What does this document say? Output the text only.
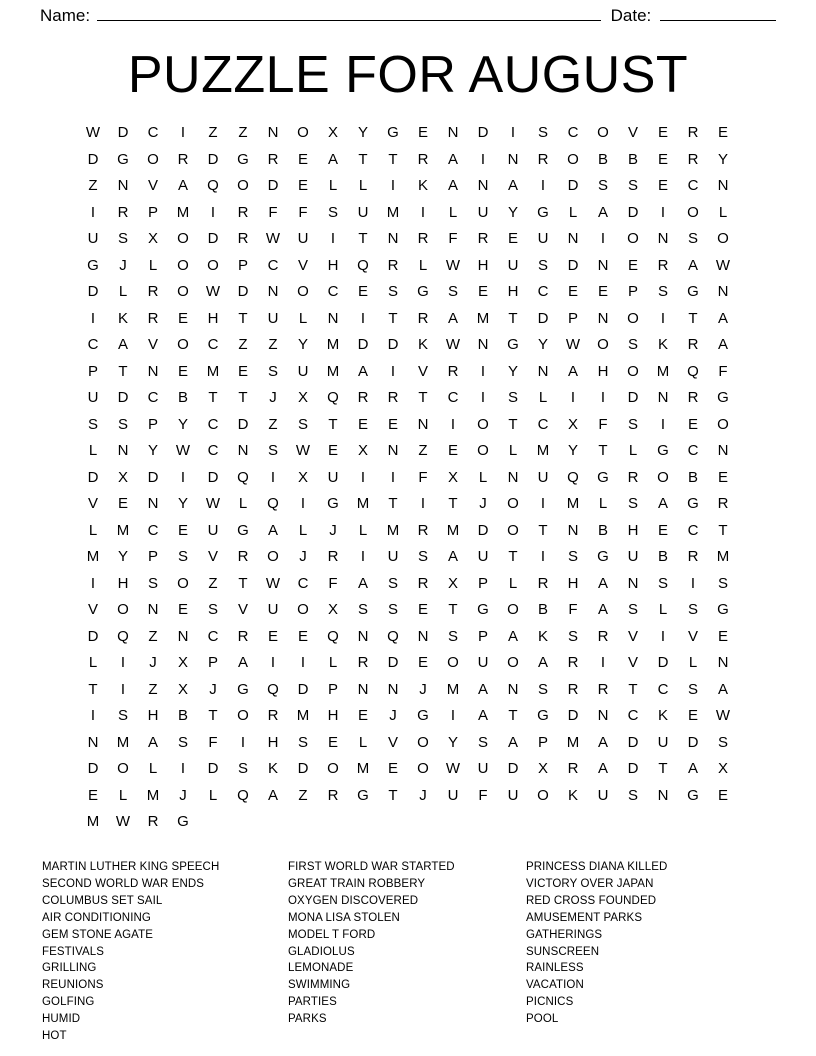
Name:	Date:
PUZZLE FOR AUGUST
W	D	C	I	Z	Z	N	O	X	Y	G	E	N	D	I	S	C	O	V	E	R	E
D	G	O	R	D	G	R	E	A	T	T	R	A	I	N	R	O	B	B	E	R	Y
Z	N	V	A	Q	O	D	E	L	L	I	K	A	N	A	I	D	S	S	E	C	N
I	R	P	M	I	R	F	F	S	U	M	I	L	U	Y	G	L	A	D	I	O	L
U	S	X	O	D	R	W	U	I	T	N	R	F	R	E	U	N	I	O	N	S	O
G	J	L	O	O	P	C	V	H	Q	R	L	W	H	U	S	D	N	E	R	A	W
D	L	R	O	W	D	N	O	C	E	S	G	S	E	H	C	E	E	P	S	G	N
I	K	R	E	H	T	U	L	N	I	T	R	A	M	T	D	P	N	O	I	T	A
C	A	V	O	C	Z	Z	Y	M	D	D	K	W	N	G	Y	W	O	S	K	R	A
P	T	N	E	M	E	S	U	M	A	I	V	R	I	Y	N	A	H	O	M	Q	F
U	D	C	B	T	T	J	X	Q	R	R	T	C	I	S	L	I	I	D	N	R	G
S	S	P	Y	C	D	Z	S	T	E	E	N	I	O	T	C	X	F	S	I	E	O
L	N	Y	W	C	N	S	W	E	X	N	Z	E	O	L	M	Y	T	L	G	C	N
D	X	D	I	D	Q	I	X	U	I	I	F	X	L	N	U	Q	G	R	O	B	E
V	E	N	Y	W	L	Q	I	G	M	T	I	T	J	O	I	M	L	S	A	G	R
L	M	C	E	U	G	A	L	J	L	M	R	M	D	O	T	N	B	H	E	C	T
M	Y	P	S	V	R	O	J	R	I	U	S	A	U	T	I	S	G	U	B	R	M
I	H	S	O	Z	T	W	C	F	A	S	R	X	P	L	R	H	A	N	S	I	S
V	O	N	E	S	V	U	O	X	S	S	E	T	G	O	B	F	A	S	L	S	G
D	Q	Z	N	C	R	E	E	Q	N	Q	N	S	P	A	K	S	R	V	I	V	E
L	I	J	X	P	A	I	I	L	R	D	E	O	U	O	A	R	I	V	D	L	N
T	I	Z	X	J	G	Q	D	P	N	N	J	M	A	N	S	R	R	T	C	S	A
I	S	H	B	T	O	R	M	H	E	J	G	I	A	T	G	D	N	C	K	E	W
N	M	A	S	F	I	H	S	E	L	V	O	Y	S	A	P	M	A	D	U	D	S
D	O	L	I	D	S	K	D	O	M	E	O	W	U	D	X	R	A	D	T	A	X
E	L	M	J	L	Q	A	Z	R	G	T	J	U	F	U	O	K	U	S	N	G	E
M	W	R	G
MARTIN LUTHER KING SPEECH
SECOND WORLD WAR ENDS
COLUMBUS SET SAIL
AIR CONDITIONING
GEM STONE AGATE
FESTIVALS
GRILLING
REUNIONS
GOLFING
HUMID
HOT
FIRST WORLD WAR STARTED
GREAT TRAIN ROBBERY
OXYGEN DISCOVERED
MONA LISA STOLEN
MODEL T FORD
GLADIOLUS
LEMONADE
SWIMMING
PARTIES
PARKS
PRINCESS DIANA KILLED
VICTORY OVER JAPAN
RED CROSS FOUNDED
AMUSEMENT PARKS
GATHERINGS
SUNSCREEN
RAINLESS
VACATION
PICNICS
POOL
